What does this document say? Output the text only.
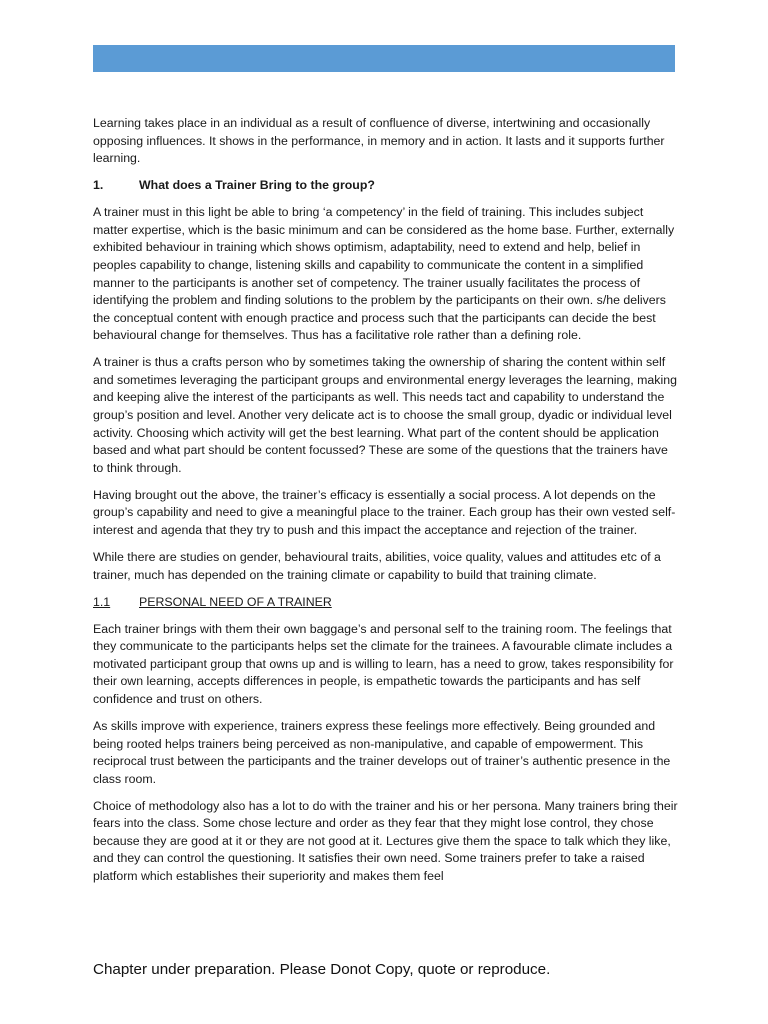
CHAPTER 2-        TRAINER AND TRAINING STYLES

Learning takes place in an individual as a result of confluence of diverse, intertwining and occasionally opposing influences. It shows in the performance, in memory and in action. It lasts and it supports further learning.

1.	What does a Trainer Bring to the group?

A trainer must in this light be able to bring ‘a competency’ in the field of training. This includes subject matter expertise, which is the basic minimum and can be considered as the home base. Further, externally exhibited behaviour in training which shows optimism, adaptability, need to extend and help, belief in peoples capability to change, listening skills and capability to communicate the content in a simplified manner to the participants is another set of competency. The trainer usually facilitates the process of identifying the problem and finding solutions to the problem by the participants on their own. s/he delivers the conceptual content with enough practice and process such that the participants can decide the best behavioural change for themselves. Thus has a facilitative role rather than a defining role.

A trainer is thus a crafts person who by sometimes taking the ownership of sharing the content within self and sometimes leveraging the participant groups and environmental energy leverages the learning, making and keeping alive the interest of the participants as well. This needs tact and capability to understand the group’s position and level. Another very delicate act is to choose the small group, dyadic or individual level activity. Choosing which activity will get the best learning. What part of the content should be application based and what part should be content focussed? These are some of the questions that the trainers have to think through.

Having brought out the above, the trainer’s efficacy is essentially a social process. A lot depends on the group’s capability and need to give a meaningful place to the trainer. Each group has their own vested self- interest and agenda that they try to push and this impact the acceptance and rejection of the trainer.

While there are studies on gender, behavioural traits, abilities, voice quality, values and attitudes etc of a trainer, much has depended on the training climate or capability to build that training climate.

1.1	PERSONAL NEED OF A TRAINER

Each trainer brings with them their own baggage’s and personal self to the training room. The feelings that they communicate to the participants helps set the climate for the trainees. A favourable climate includes a motivated participant group that owns up and is willing to learn, has a need to grow, takes responsibility for their own learning, accepts differences in people, is empathetic towards the participants and has self confidence and trust on others.

As skills improve with experience, trainers express these feelings more effectively. Being grounded and being rooted helps trainers being perceived as non-manipulative, and capable of empowerment. This reciprocal trust between the participants and the trainer develops out of trainer’s authentic presence in the class room.

Choice of methodology also has a lot to do with the trainer and his or her persona. Many trainers bring their fears into the class. Some chose lecture and order as they fear that they might lose control, they chose because they are good at it or they are not good at it. Lectures give them the space to talk which they like, and they can control the questioning. It satisfies their own need. Some trainers prefer to take a raised platform which establishes their superiority and makes them feel

Chapter under preparation. Please Donot Copy, quote or reproduce.
